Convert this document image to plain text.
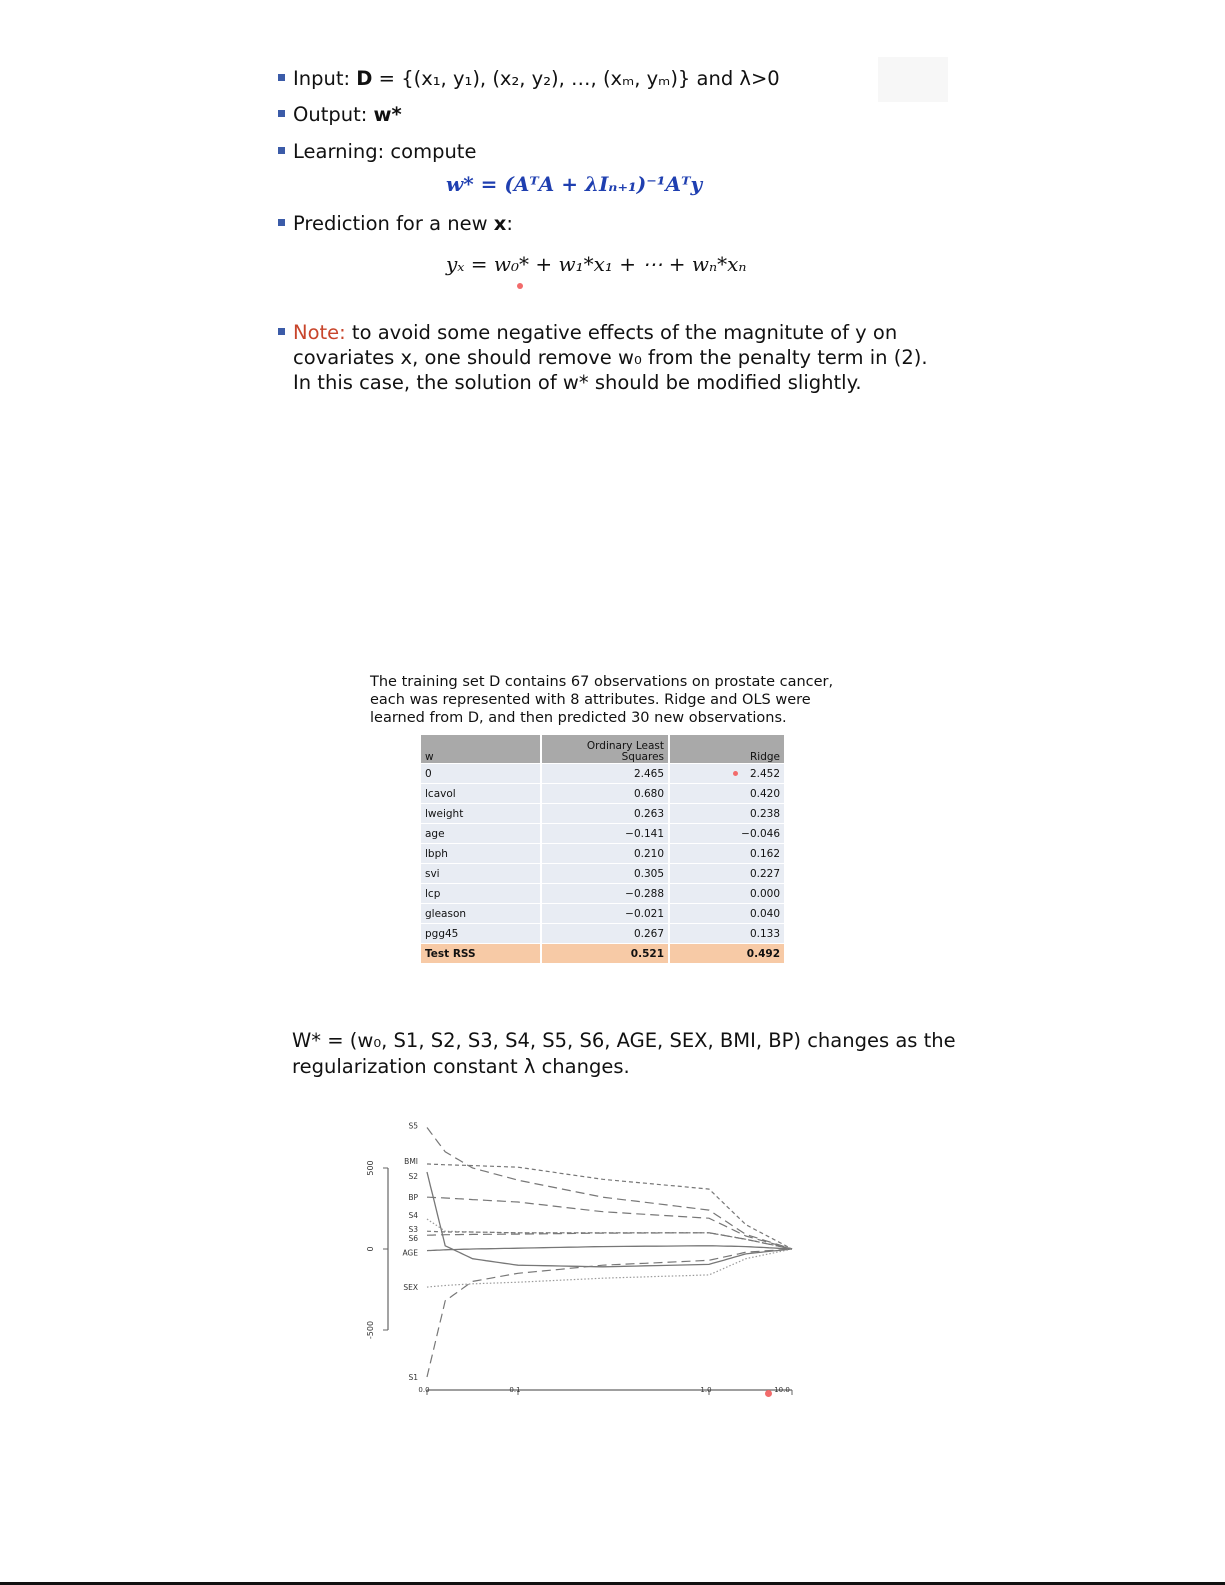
Input: D = {(x₁, y₁), (x₂, y₂), …, (xₘ, yₘ)} and λ>0
Output: w*
Learning: compute
w* = (AᵀA + λIₙ₊₁)⁻¹Aᵀy
Prediction for a new x:
yₓ = w₀* + w₁*x₁ + ⋯ + wₙ*xₙ
Note: to avoid some negative effects of the magnitute of y on
covariates x, one should remove w₀ from the penalty term in (2).
In this case, the solution of w* should be modified slightly.
The training set D contains 67 observations on prostate cancer,
each was represented with 8 attributes. Ridge and OLS were
learned from D, and then predicted 30 new observations.
w	Ordinary Least Squares	Ridge
0	2.465	2.452
lcavol	0.680	0.420
lweight	0.263	0.238
age	−0.141	−0.046
lbph	0.210	0.162
svi	0.305	0.227
lcp	−0.288	0.000
gleason	−0.021	0.040
pgg45	0.267	0.133
Test RSS	0.521	0.492
W* = (w₀, S1, S2, S3, S4, S5, S6, AGE, SEX, BMI, BP) changes as the
regularization constant λ changes.
500
0
-500
0.0	0.1	1.0	10.0
S5
BMI
S2
BP
S4
S3
S6
AGE
SEX
S1
